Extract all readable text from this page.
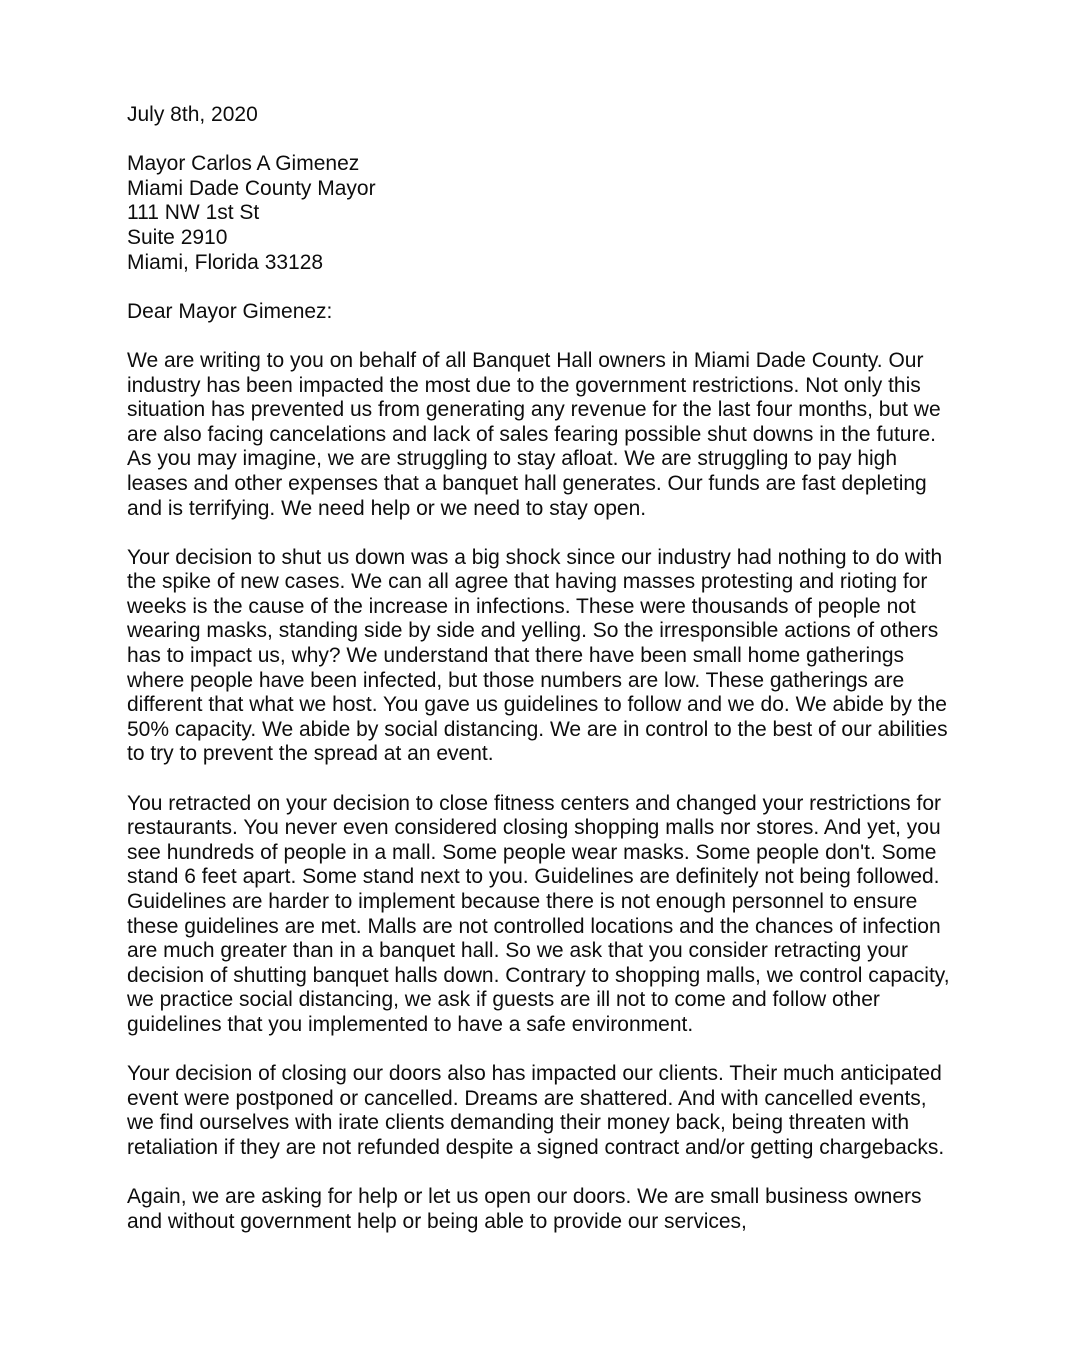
July 8th, 2020

Mayor Carlos A Gimenez

Miami Dade County Mayor

111 NW 1st St

Suite 2910

Miami, Florida 33128

Dear Mayor Gimenez:

We are writing to you on behalf of all Banquet Hall owners in Miami Dade County. Our industry has been impacted the most due to the government restrictions. Not only this situation has prevented us from generating any revenue for the last four months, but we are also facing cancelations and lack of sales fearing possible shut downs in the future. As you may imagine, we are struggling to stay afloat. We are struggling to pay high leases and other expenses that a banquet hall generates. Our funds are fast depleting and is terrifying. We need help or we need to stay open.

Your decision to shut us down was a big shock since our industry had nothing to do with the spike of new cases. We can all agree that having masses protesting and rioting for weeks is the cause of the increase in infections. These were thousands of people not wearing masks, standing side by side and yelling. So the irresponsible actions of others has to impact us, why? We understand that there have been small home gatherings where people have been infected, but those numbers are low. These gatherings are different that what we host. You gave us guidelines to follow and we do. We abide by the 50% capacity. We abide by social distancing. We are in control to the best of our abilities to try to prevent the spread at an event.

You retracted on your decision to close fitness centers and changed your restrictions for restaurants. You never even considered closing shopping malls nor stores. And yet, you see hundreds of people in a mall. Some people wear masks. Some people don't. Some stand 6 feet apart. Some stand next to you. Guidelines are definitely not being followed. Guidelines are harder to implement because there is not enough personnel to ensure these guidelines are met. Malls are not controlled locations and the chances of infection are much greater than in a banquet hall. So we ask that you consider retracting your decision of shutting banquet halls down. Contrary to shopping malls, we control capacity, we practice social distancing, we ask if guests are ill not to come and follow other guidelines that you implemented to have a safe environment.

Your decision of closing our doors also has impacted our clients. Their much anticipated event were postponed or cancelled. Dreams are shattered. And with cancelled events, we find ourselves with irate clients demanding their money back, being threaten with retaliation if they are not refunded despite a signed contract and/or getting chargebacks.

Again, we are asking for help or let us open our doors. We are small business owners and without government help or being able to provide our services,
